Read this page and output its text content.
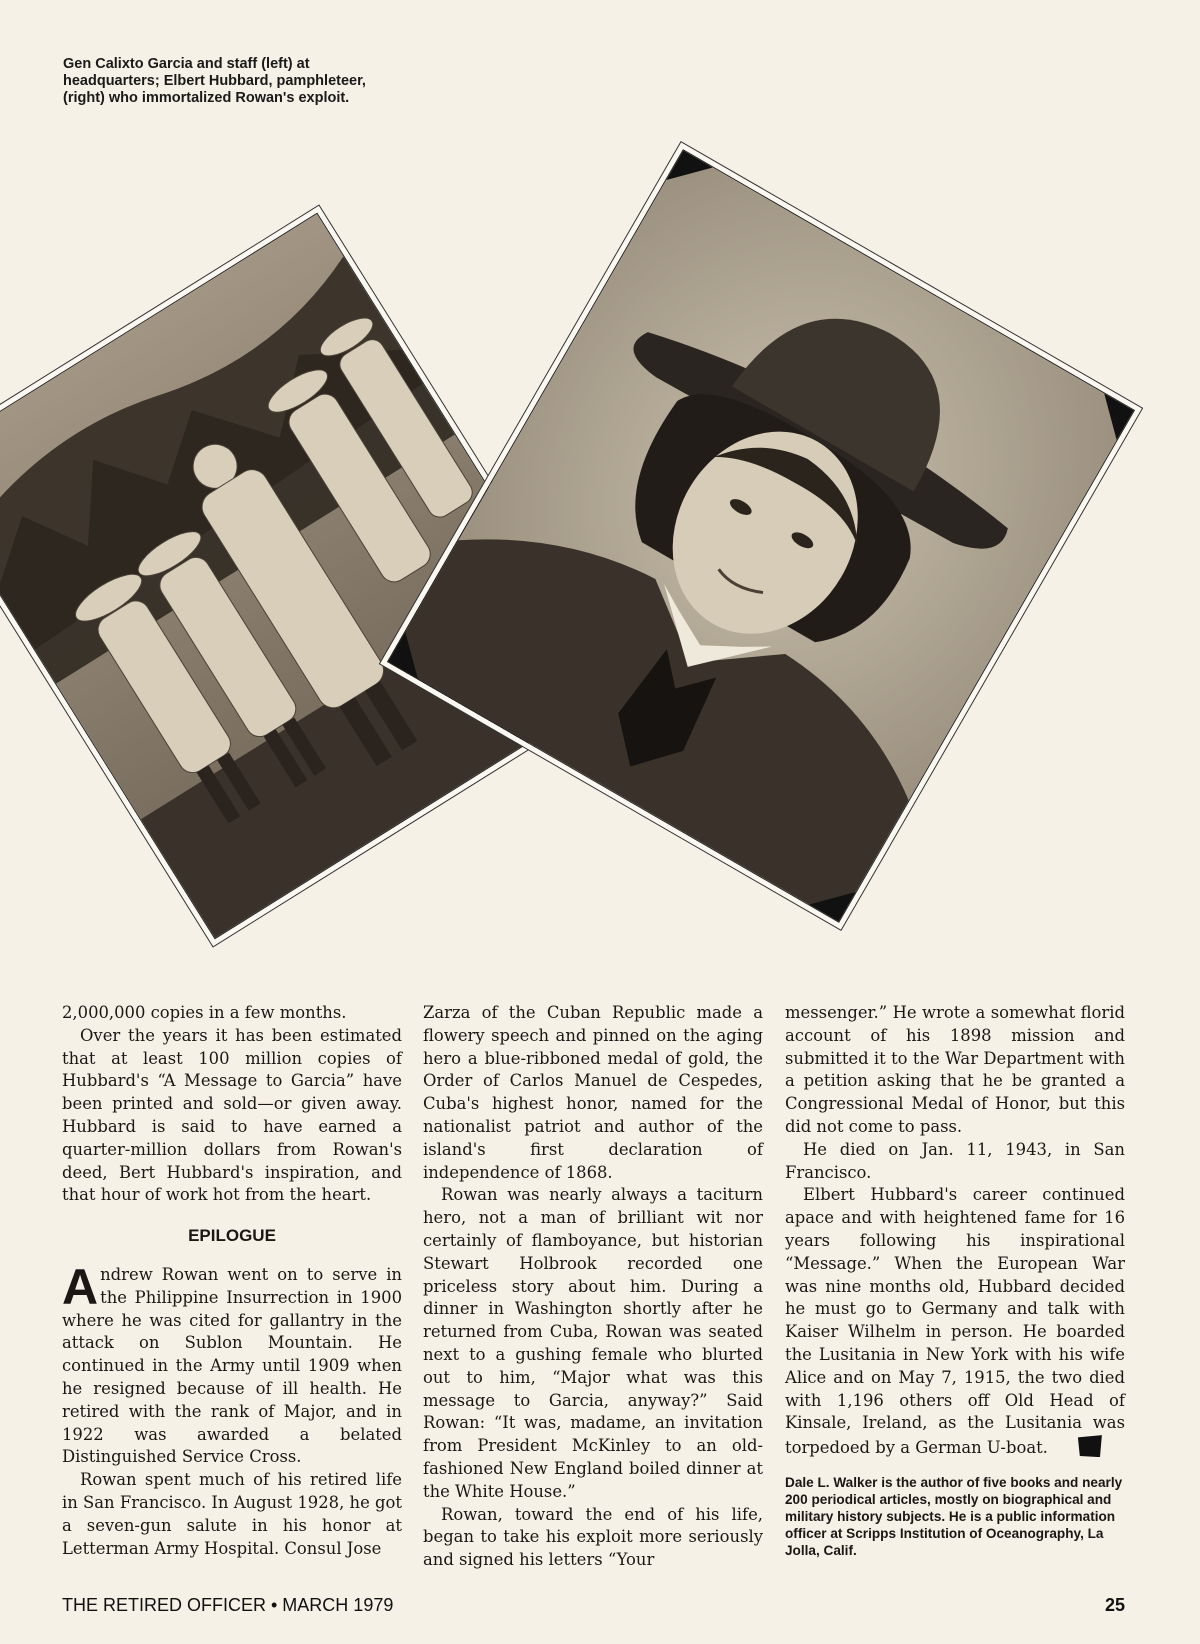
Gen Calixto Garcia and staff (left) at headquarters; Elbert Hubbard, pamphleteer, (right) who immortalized Rowan's exploit.

2,000,000 copies in a few months.

Over the years it has been estimated that at least 100 million copies of Hubbard's “A Message to Garcia” have been printed and sold—or given away. Hubbard is said to have earned a quarter-million dollars from Rowan's deed, Bert Hubbard's inspiration, and that hour of work hot from the heart.

EPILOGUE

Andrew Rowan went on to serve in the Philippine Insurrection in 1900 where he was cited for gallantry in the attack on Sublon Mountain. He continued in the Army until 1909 when he resigned because of ill health. He retired with the rank of Major, and in 1922 was awarded a belated Distinguished Service Cross.

Rowan spent much of his retired life in San Francisco. In August 1928, he got a seven-gun salute in his honor at Letterman Army Hospital. Consul Jose

Zarza of the Cuban Republic made a flowery speech and pinned on the aging hero a blue-ribboned medal of gold, the Order of Carlos Manuel de Cespedes, Cuba's highest honor, named for the nationalist patriot and author of the island's first declaration of independence of 1868.

Rowan was nearly always a taciturn hero, not a man of brilliant wit nor certainly of flamboyance, but historian Stewart Holbrook recorded one priceless story about him. During a dinner in Washington shortly after he returned from Cuba, Rowan was seated next to a gushing female who blurted out to him, “Major what was this message to Garcia, anyway?” Said Rowan: “It was, madame, an invitation from President McKinley to an old-fashioned New England boiled dinner at the White House.”

Rowan, toward the end of his life, began to take his exploit more seriously and signed his letters “Your

messenger.” He wrote a somewhat florid account of his 1898 mission and submitted it to the War Department with a petition asking that he be granted a Congressional Medal of Honor, but this did not come to pass.

He died on Jan. 11, 1943, in San Francisco.

Elbert Hubbard's career continued apace and with heightened fame for 16 years following his inspirational “Message.” When the European War was nine months old, Hubbard decided he must go to Germany and talk with Kaiser Wilhelm in person. He boarded the Lusitania in New York with his wife Alice and on May 7, 1915, the two died with 1,196 others off Old Head of Kinsale, Ireland, as the Lusitania was torpedoed by a German U-boat.

Dale L. Walker is the author of five books and nearly 200 periodical articles, mostly on biographical and military history subjects. He is a public information officer at Scripps Institution of Oceanography, La Jolla, Calif.

THE RETIRED OFFICER • MARCH 1979	25
